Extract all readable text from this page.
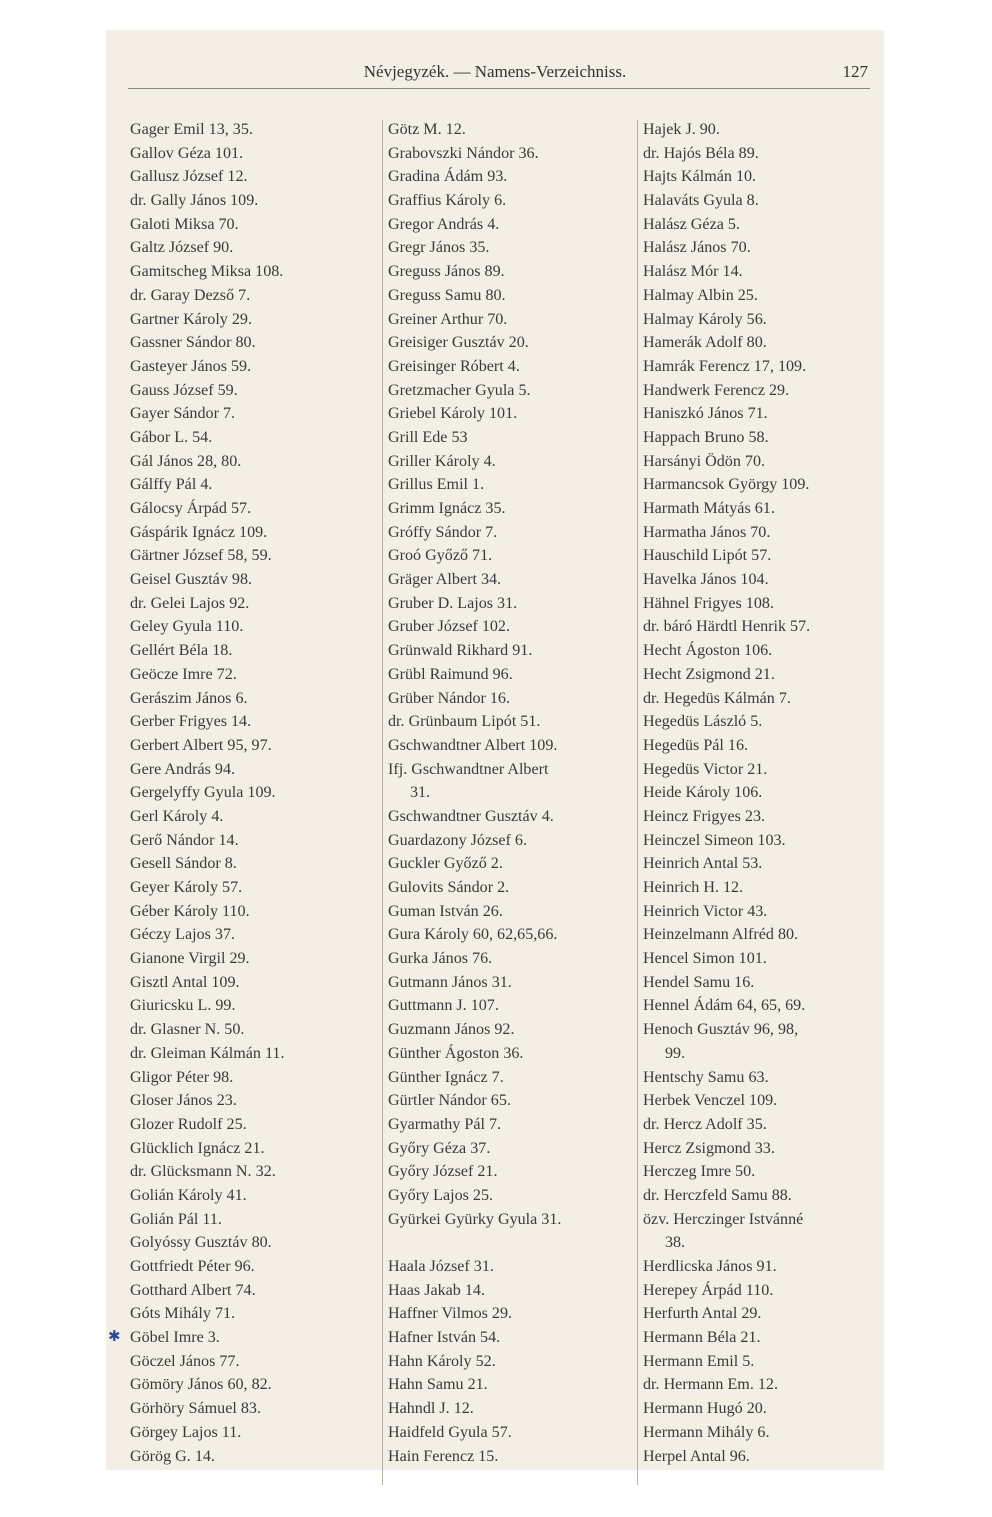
Névjegyzék. — Namens-Verzeichniss.	127
Gager Emil 13, 35.
Gallov Géza 101.
Gallusz József 12.
dr. Gally János 109.
Galoti Miksa 70.
Galtz József 90.
Gamitscheg Miksa 108.
dr. Garay Dezső 7.
Gartner Károly 29.
Gassner Sándor 80.
Gasteyer János 59.
Gauss József 59.
Gayer Sándor 7.
Gábor L. 54.
Gál János 28, 80.
Gálffy Pál 4.
Gálocsy Árpád 57.
Gáspárik Ignácz 109.
Gärtner József 58, 59.
Geisel Gusztáv 98.
dr. Gelei Lajos 92.
Geley Gyula 110.
Gellért Béla 18.
Geöcze Imre 72.
Gerászim János 6.
Gerber Frigyes 14.
Gerbert Albert 95, 97.
Gere András 94.
Gergelyffy Gyula 109.
Gerl Károly 4.
Gerő Nándor 14.
Gesell Sándor 8.
Geyer Károly 57.
Géber Károly 110.
Géczy Lajos 37.
Gianone Virgil 29.
Gisztl Antal 109.
Giuricsku L. 99.
dr. Glasner N. 50.
dr. Gleiman Kálmán 11.
Gligor Péter 98.
Gloser János 23.
Glozer Rudolf 25.
Glücklich Ignácz 21.
dr. Glücksmann N. 32.
Golián Károly 41.
Golián Pál 11.
Golyóssy Gusztáv 80.
Gottfriedt Péter 96.
Gotthard Albert 74.
Góts Mihály 71.
Göbel Imre 3.
✱
Göczel János 77.
Gömöry János 60, 82.
Görhöry Sámuel 83.
Görgey Lajos 11.
Görög G. 14.
Götz M. 12.
Grabovszki Nándor 36.
Gradina Ádám 93.
Graffius Károly 6.
Gregor András 4.
Gregr János 35.
Greguss János 89.
Greguss Samu 80.
Greiner Arthur 70.
Greisiger Gusztáv 20.
Greisinger Róbert 4.
Gretzmacher Gyula 5.
Griebel Károly 101.
Grill Ede 53
Griller Károly 4.
Grillus Emil 1.
Grimm Ignácz 35.
Gróffy Sándor 7.
Groó Győző 71.
Gräger Albert 34.
Gruber D. Lajos 31.
Gruber József 102.
Grünwald Rikhard 91.
Grübl Raimund 96.
Grüber Nándor 16.
dr. Grünbaum Lipót 51.
Gschwandtner Albert 109.
Ifj. Gschwandtner Albert
31.
Gschwandtner Gusztáv 4.
Guardazony József 6.
Guckler Győző 2.
Gulovits Sándor 2.
Guman István 26.
Gura Károly 60, 62,65,66.
Gurka János 76.
Gutmann János 31.
Guttmann J. 107.
Guzmann János 92.
Günther Ágoston 36.
Günther Ignácz 7.
Gürtler Nándor 65.
Gyarmathy Pál 7.
Győry Géza 37.
Győry József 21.
Győry Lajos 25.
Gyürkei Gyürky Gyula 31.
Haala József 31.
Haas Jakab 14.
Haffner Vilmos 29.
Hafner István 54.
Hahn Károly 52.
Hahn Samu 21.
Hahndl J. 12.
Haidfeld Gyula 57.
Hain Ferencz 15.
Hajek J. 90.
dr. Hajós Béla 89.
Hajts Kálmán 10.
Halaváts Gyula 8.
Halász Géza 5.
Halász János 70.
Halász Mór 14.
Halmay Albin 25.
Halmay Károly 56.
Hamerák Adolf 80.
Hamrák Ferencz 17, 109.
Handwerk Ferencz 29.
Haniszkó János 71.
Happach Bruno 58.
Harsányi Ödön 70.
Harmancsok György 109.
Harmath Mátyás 61.
Harmatha János 70.
Hauschild Lipót 57.
Havelka János 104.
Hähnel Frigyes 108.
dr. báró Härdtl Henrik 57.
Hecht Ágoston 106.
Hecht Zsigmond 21.
dr. Hegedüs Kálmán 7.
Hegedüs László 5.
Hegedüs Pál 16.
Hegedüs Victor 21.
Heide Károly 106.
Heincz Frigyes 23.
Heinczel Simeon 103.
Heinrich Antal 53.
Heinrich H. 12.
Heinrich Victor 43.
Heinzelmann Alfréd 80.
Hencel Simon 101.
Hendel Samu 16.
Hennel Ádám 64, 65, 69.
Henoch Gusztáv 96, 98,
99.
Hentschy Samu 63.
Herbek Venczel 109.
dr. Hercz Adolf 35.
Hercz Zsigmond 33.
Herczeg Imre 50.
dr. Herczfeld Samu 88.
özv. Herczinger Istvánné
38.
Herdlicska János 91.
Herepey Árpád 110.
Herfurth Antal 29.
Hermann Béla 21.
Hermann Emil 5.
dr. Hermann Em. 12.
Hermann Hugó 20.
Hermann Mihály 6.
Herpel Antal 96.
